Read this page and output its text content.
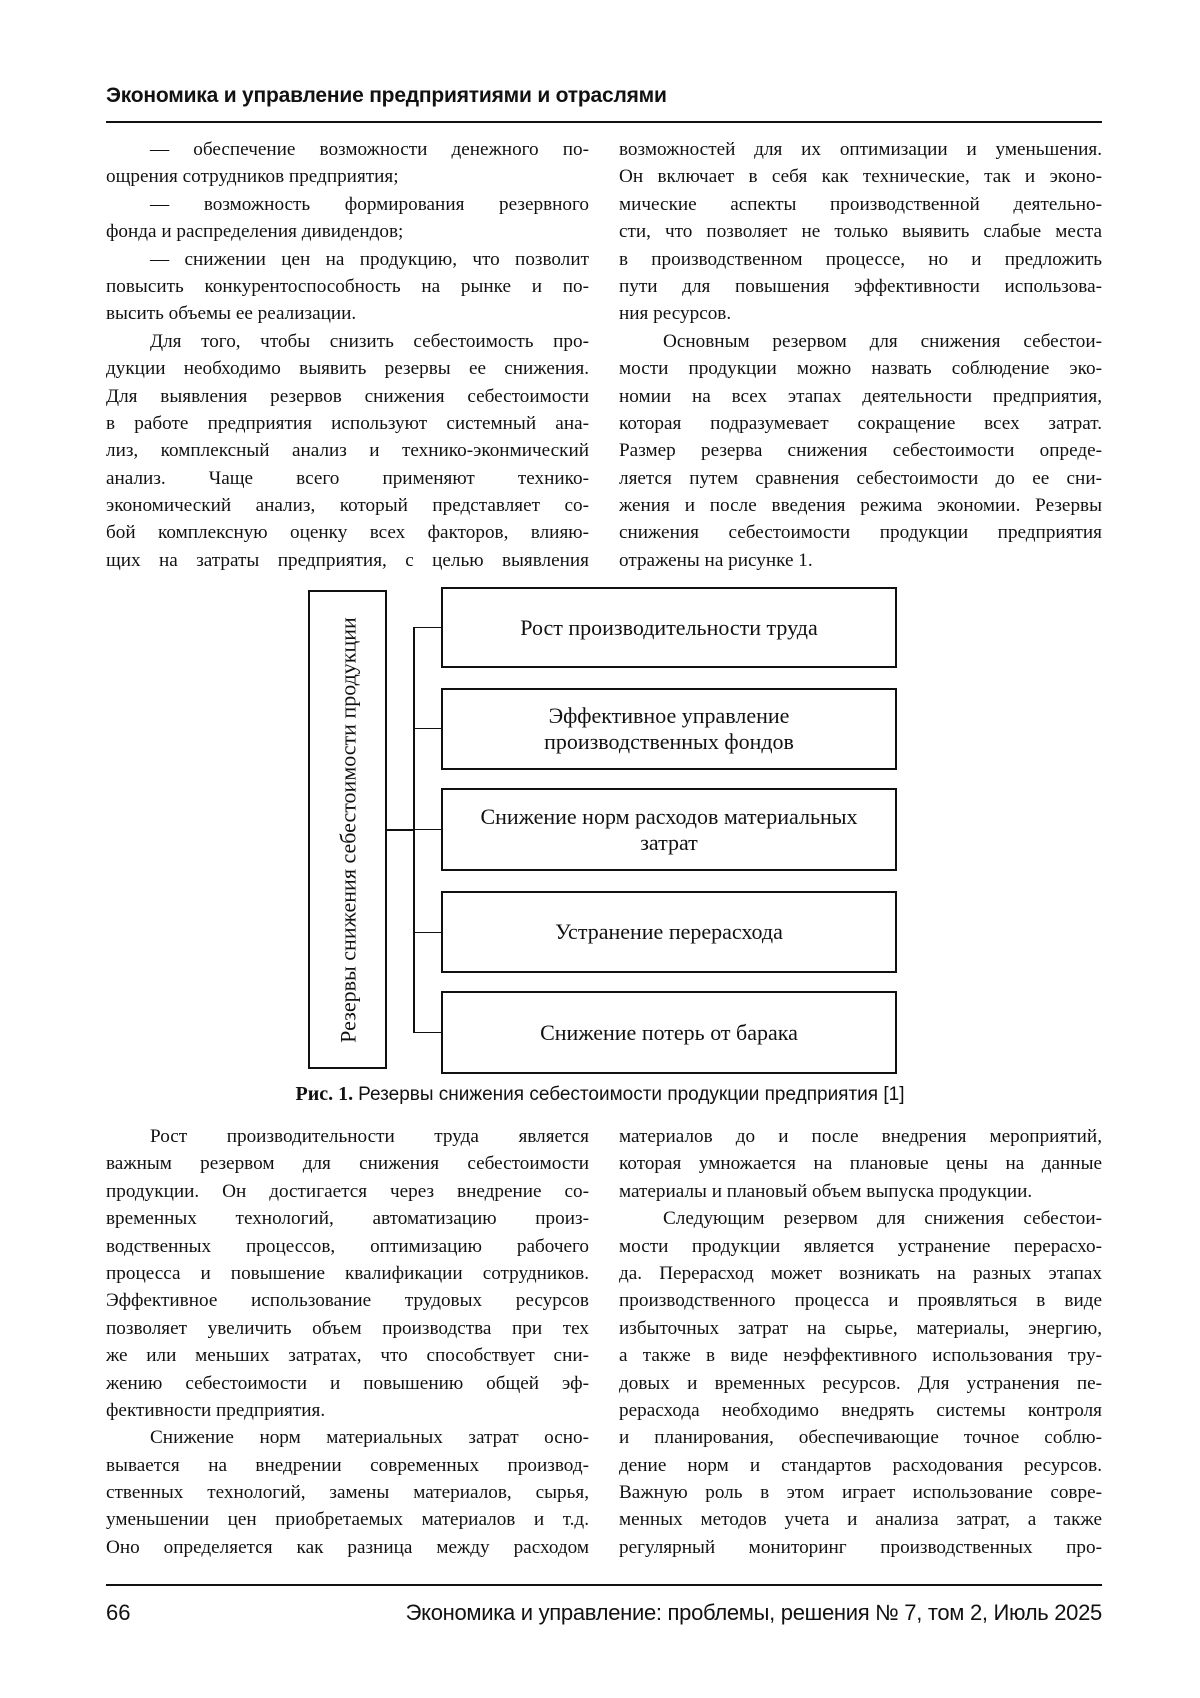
Экономика и управление предприятиями и отраслями
— обеспечение возможности денежного по-
ощрения сотрудников предприятия;
— возможность формирования резервного
фонда и распределения дивидендов;
— снижении цен на продукцию, что позволит
повысить конкурентоспособность на рынке и по-
высить объемы ее реализации.
Для того, чтобы снизить себестоимость про-
дукции необходимо выявить резервы ее снижения.
Для выявления резервов снижения себестоимости
в работе предприятия используют системный ана-
лиз, комплексный анализ и технико-эконмический
анализ. Чаще всего применяют технико-
экономический анализ, который представляет со-
бой комплексную оценку всех факторов, влияю-
щих на затраты предприятия, с целью выявления
возможностей для их оптимизации и уменьшения.
Он включает в себя как технические, так и эконо-
мические аспекты производственной деятельно-
сти, что позволяет не только выявить слабые места
в производственном процессе, но и предложить
пути для повышения эффективности использова-
ния ресурсов.
Основным резервом для снижения себестои-
мости продукции можно назвать соблюдение эко-
номии на всех этапах деятельности предприятия,
которая подразумевает сокращение всех затрат.
Размер резерва снижения себестоимости опреде-
ляется путем сравнения себестоимости до ее сни-
жения и после введения режима экономии. Резервы
снижения себестоимости продукции предприятия
отражены на рисунке 1.
Резервы снижения себестоимости продукции	Рост производительности труда
Эффективное управление производственных фондов
Снижение норм расходов материальных затрат
Устранение перерасхода
Снижение потерь от барака
Рис. 1. Резервы снижения себестоимости продукции предприятия [1]
Рост производительности труда является
важным резервом для снижения себестоимости
продукции. Он достигается через внедрение со-
временных технологий, автоматизацию произ-
водственных процессов, оптимизацию рабочего
процесса и повышение квалификации сотрудников.
Эффективное использование трудовых ресурсов
позволяет увеличить объем производства при тех
же или меньших затратах, что способствует сни-
жению себестоимости и повышению общей эф-
фективности предприятия.
Снижение норм материальных затрат осно-
вывается на внедрении современных производ-
ственных технологий, замены материалов, сырья,
уменьшении цен приобретаемых материалов и т.д.
Оно определяется как разница между расходом
материалов до и после внедрения мероприятий,
которая умножается на плановые цены на данные
материалы и плановый объем выпуска продукции.
Следующим резервом для снижения себестои-
мости продукции является устранение перерасхо-
да. Перерасход может возникать на разных этапах
производственного процесса и проявляться в виде
избыточных затрат на сырье, материалы, энергию,
а также в виде неэффективного использования тру-
довых и временных ресурсов. Для устранения пе-
рерасхода необходимо внедрять системы контроля
и планирования, обеспечивающие точное соблю-
дение норм и стандартов расходования ресурсов.
Важную роль в этом играет использование совре-
менных методов учета и анализа затрат, а также
регулярный мониторинг производственных про-
66	Экономика и управление: проблемы, решения № 7, том 2, Июль 2025
